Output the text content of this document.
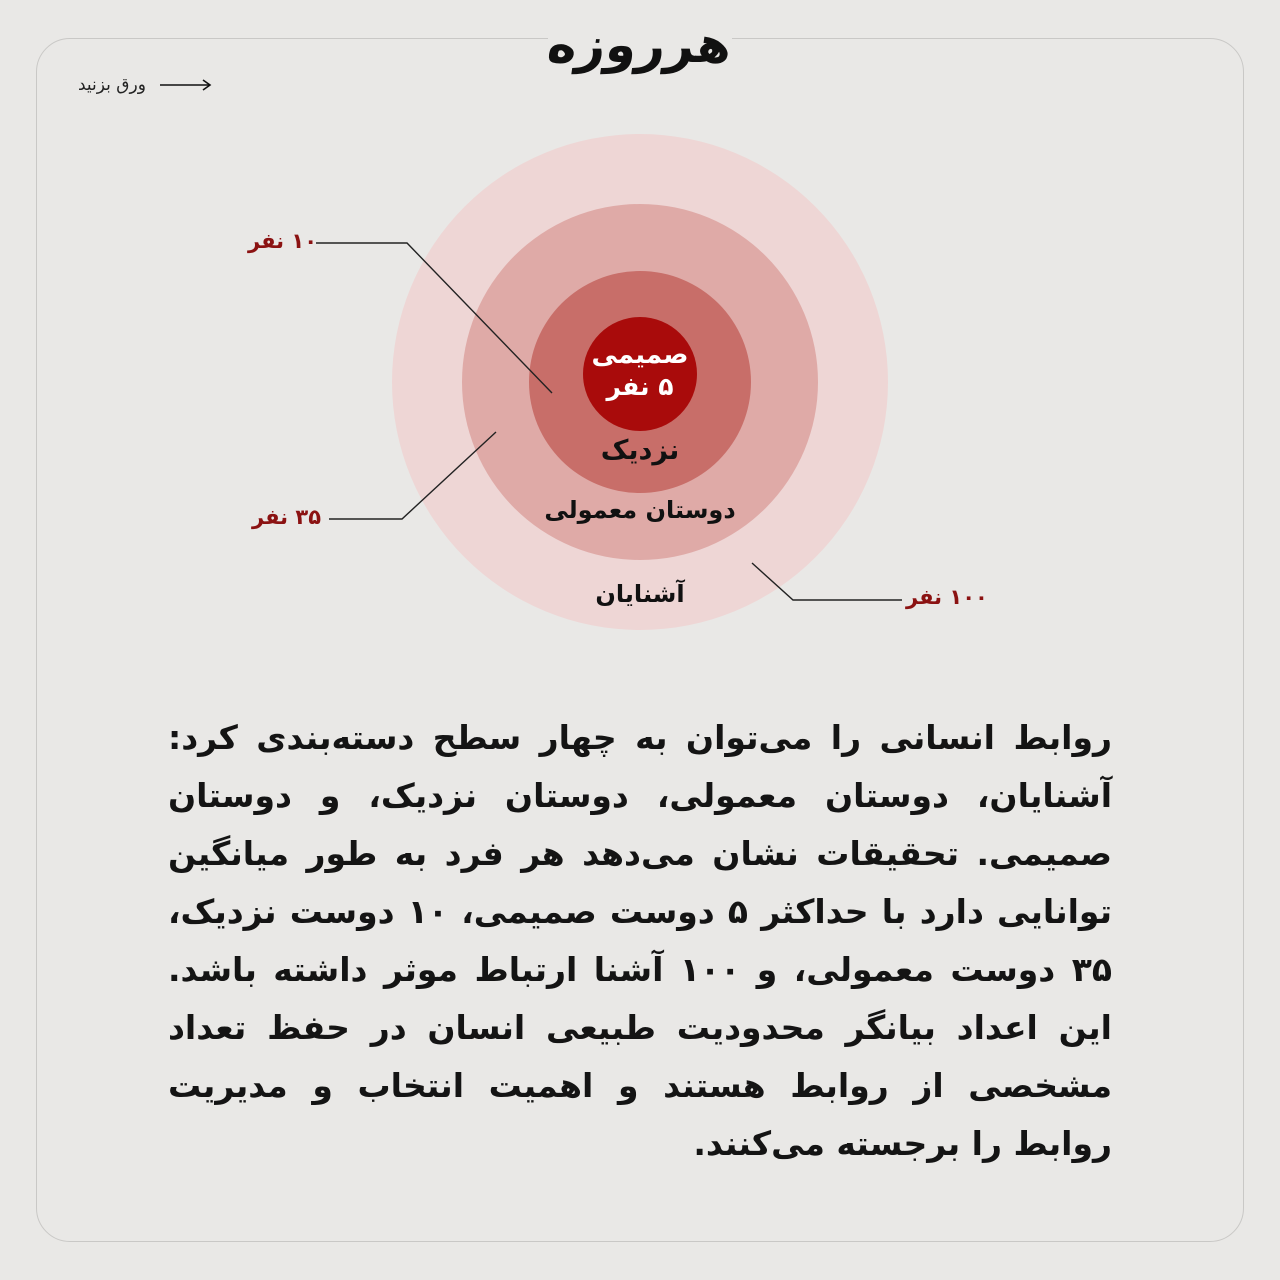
هرروزه
ورق بزنید
صمیمی
۵ نفر
نزدیک
دوستان معمولی
آشنایان
۱۰ نفر
۳۵ نفر
۱۰۰ نفر

روابط انسانی را می‌توان به چهار سطح دسته‌بندی کرد: آشنایان، دوستان معمولی، دوستان نزدیک، و دوستان صمیمی. تحقیقات نشان می‌دهد هر فرد به طور میانگین توانایی دارد با حداکثر ۵ دوست صمیمی، ۱۰ دوست نزدیک، ۳۵ دوست معمولی، و ۱۰۰ آشنا ارتباط موثر داشته باشد. این اعداد بیانگر محدودیت طبیعی انسان در حفظ تعداد مشخصی از روابط هستند و اهمیت انتخاب و مدیریت روابط را برجسته می‌کنند.
